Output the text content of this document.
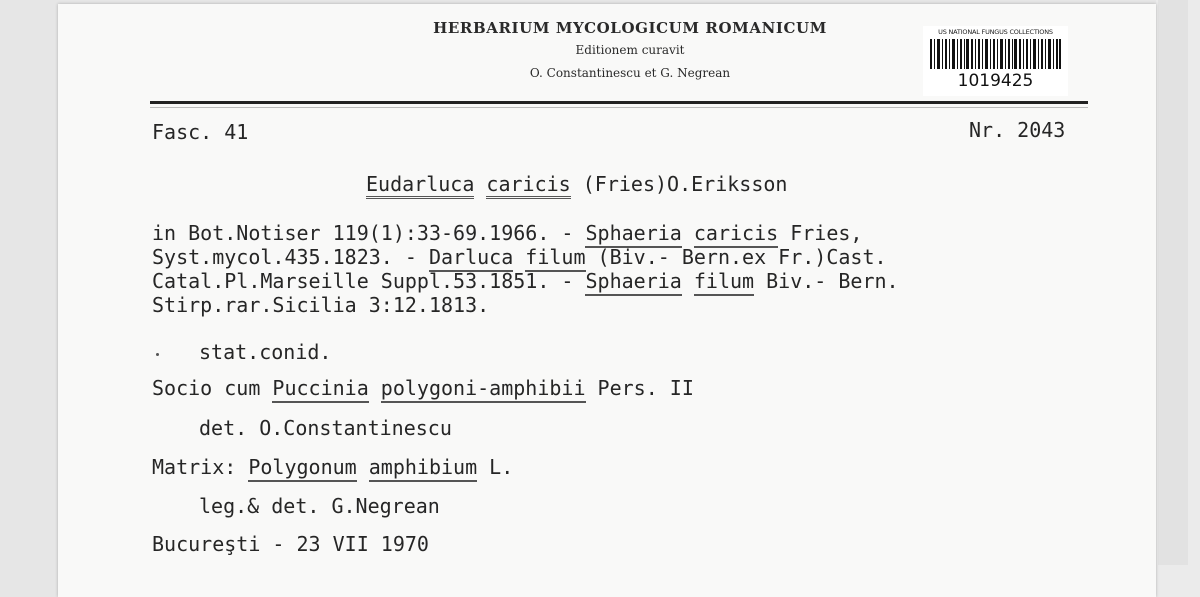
HERBARIUM MYCOLOGICUM ROMANICUM
Editionem curavit
O. Constantinescu et G. Negrean
US NATIONAL FUNGUS COLLECTIONS
1019425
Fasc. 41	Nr. 2043
Eudarluca caricis (Fries)O.Eriksson
in Bot.Notiser 119(1):33-69.1966. - Sphaeria caricis Fries,
Syst.mycol.435.1823. - Darluca filum (Biv.- Bern.ex Fr.)Cast.
Catal.Pl.Marseille Suppl.53.1851. - Sphaeria filum Biv.- Bern.
Stirp.rar.Sicilia 3:12.1813.
stat.conid.
Socio cum Puccinia polygoni-amphibii Pers. II
det. O.Constantinescu
Matrix: Polygonum amphibium L.
leg.& det. G.Negrean
Bucureşti - 23 VII 1970
